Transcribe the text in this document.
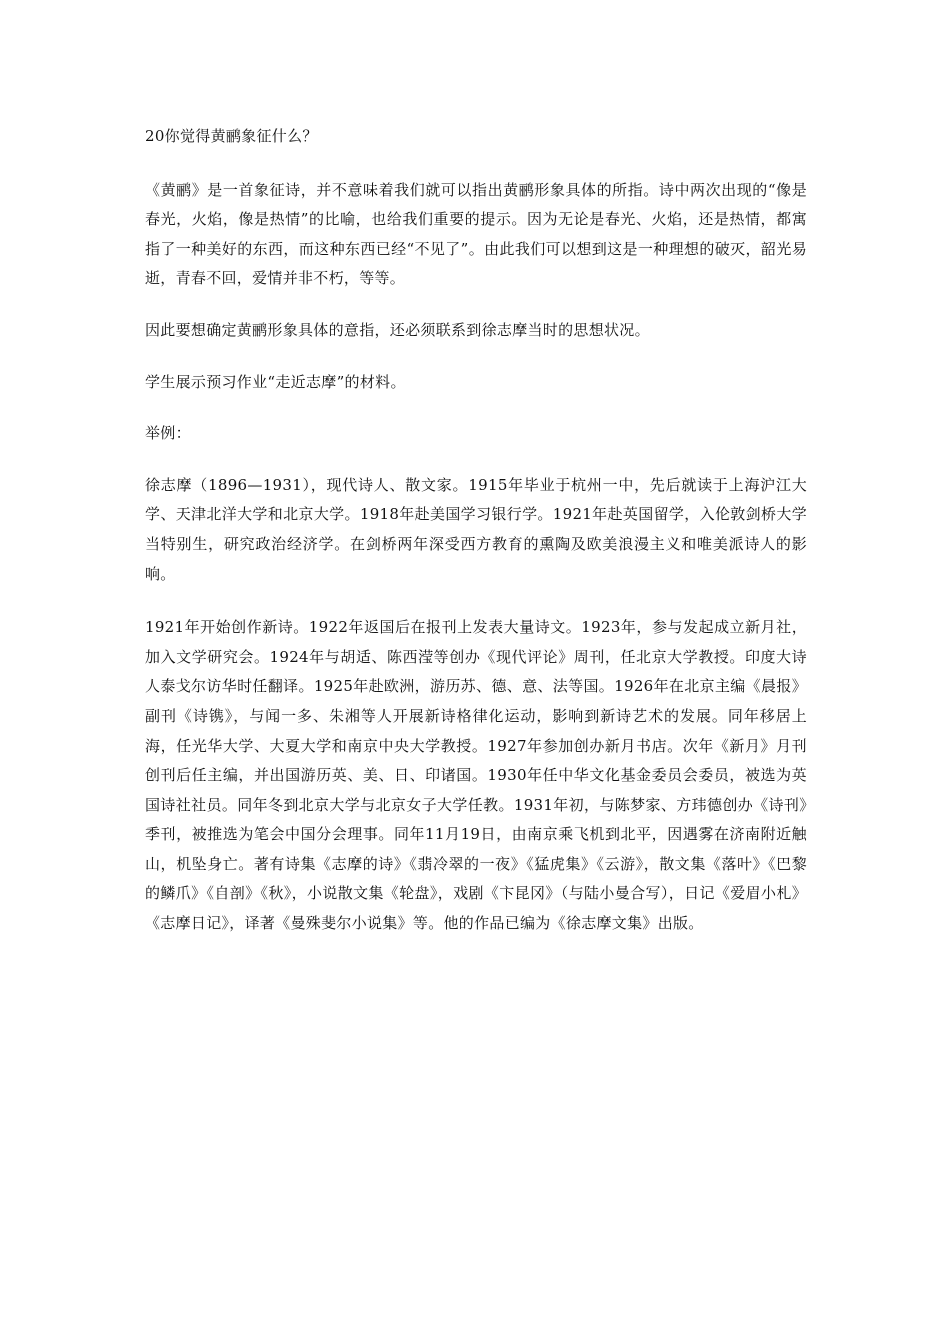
20你觉得黄鹂象征什么？

《黄鹂》是一首象征诗，并不意味着我们就可以指出黄鹂形象具体的所指。诗中两次出现的“像是春光，火焰，像是热情”的比喻，也给我们重要的提示。因为无论是春光、火焰，还是热情，都寓指了一种美好的东西，而这种东西已经“不见了”。由此我们可以想到这是一种理想的破灭，韶光易逝，青春不回，爱情并非不朽，等等。

因此要想确定黄鹂形象具体的意指，还必须联系到徐志摩当时的思想状况。

学生展示预习作业“走近志摩”的材料。

举例：

徐志摩（1896—1931），现代诗人、散文家。1915年毕业于杭州一中，先后就读于上海沪江大学、天津北洋大学和北京大学。1918年赴美国学习银行学。1921年赴英国留学，入伦敦剑桥大学当特别生，研究政治经济学。在剑桥两年深受西方教育的熏陶及欧美浪漫主义和唯美派诗人的影响。

1921年开始创作新诗。1922年返国后在报刊上发表大量诗文。1923年，参与发起成立新月社，加入文学研究会。1924年与胡适、陈西滢等创办《现代评论》周刊，任北京大学教授。印度大诗人泰戈尔访华时任翻译。1925年赴欧洲，游历苏、德、意、法等国。1926年在北京主编《晨报》副刊《诗镌》，与闻一多、朱湘等人开展新诗格律化运动，影响到新诗艺术的发展。同年移居上海，任光华大学、大夏大学和南京中央大学教授。1927年参加创办新月书店。次年《新月》月刊创刊后任主编，并出国游历英、美、日、印诸国。1930年任中华文化基金委员会委员，被选为英国诗社社员。同年冬到北京大学与北京女子大学任教。1931年初，与陈梦家、方玮德创办《诗刊》季刊，被推选为笔会中国分会理事。同年11月19日，由南京乘飞机到北平，因遇雾在济南附近触山，机坠身亡。著有诗集《志摩的诗》《翡冷翠的一夜》《猛虎集》《云游》，散文集《落叶》《巴黎的鳞爪》《自剖》《秋》，小说散文集《轮盘》，戏剧《卞昆冈》（与陆小曼合写），日记《爱眉小札》《志摩日记》，译著《曼殊斐尔小说集》等。他的作品已编为《徐志摩文集》出版。
